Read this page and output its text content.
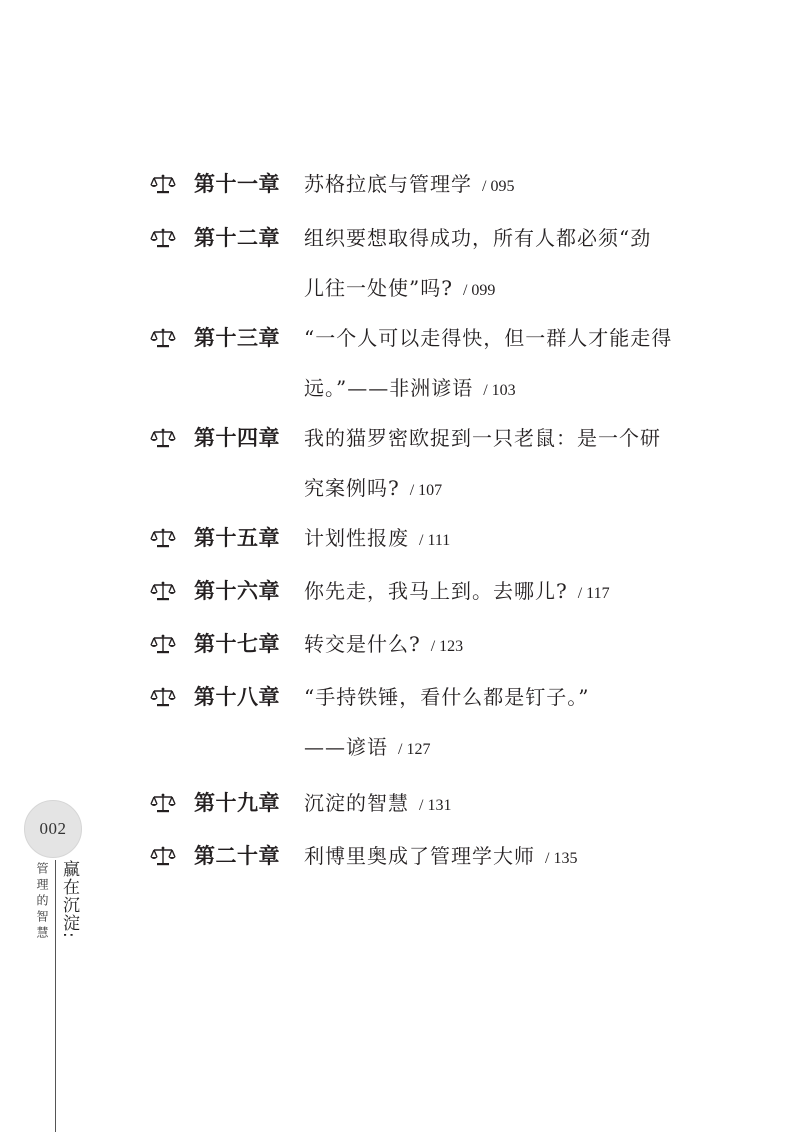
第十一章 苏格拉底与管理学 / 095
第十二章 组织要想取得成功，所有人都必须“劲
儿往一处使”吗? / 099
第十三章 “一个人可以走得快，但一群人才能走得
远。”——非洲谚语 / 103
第十四章 我的猫罗密欧捉到一只老鼠：是一个研
究案例吗? / 107
第十五章 计划性报废 / 111
第十六章 你先走，我马上到。去哪儿? / 117
第十七章 转交是什么? / 123
第十八章 “手持铁锤，看什么都是钉子。”
——谚语 / 127
第十九章 沉淀的智慧 / 131
第二十章 利博里奥成了管理学大师 / 135
002
管理的智慧 赢在沉淀:
